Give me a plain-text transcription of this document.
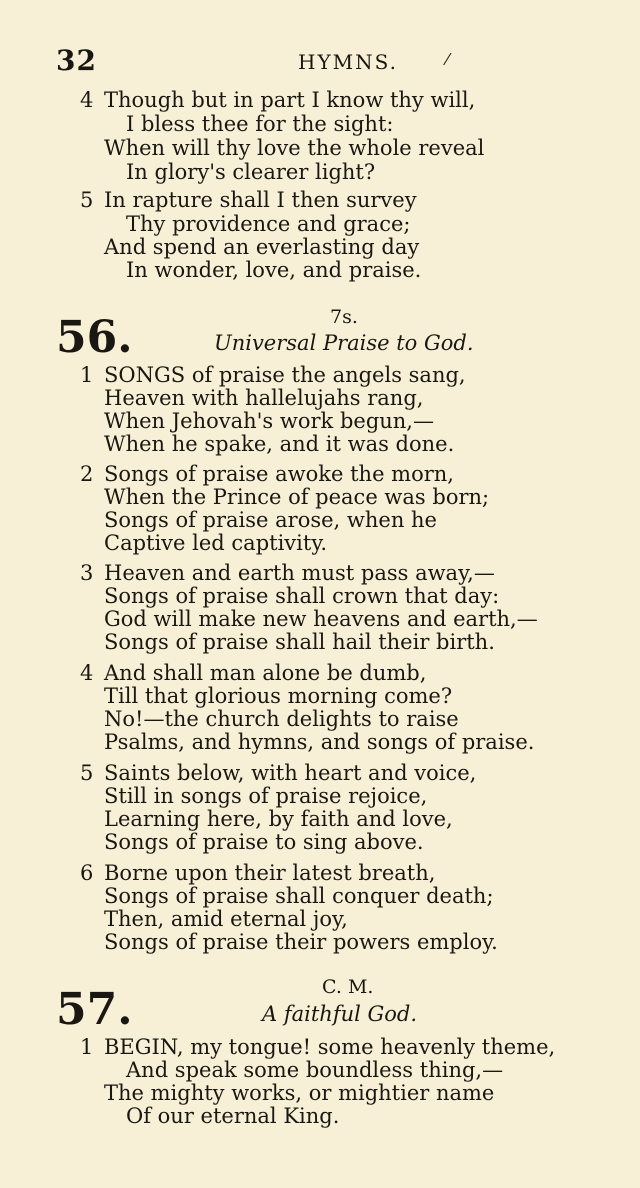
32	HYMNS.	⁄
4 Though but in part I know thy will,
I bless thee for the sight:
When will thy love the whole reveal
In glory's clearer light?
5 In rapture shall I then survey
Thy providence and grace;
And spend an everlasting day
In wonder, love, and praise.
56.	7s.
Universal Praise to God.
1 SONGS of praise the angels sang,
Heaven with hallelujahs rang,
When Jehovah's work begun,—
When he spake, and it was done.
2 Songs of praise awoke the morn,
When the Prince of peace was born;
Songs of praise arose, when he
Captive led captivity.
3 Heaven and earth must pass away,—
Songs of praise shall crown that day:
God will make new heavens and earth,—
Songs of praise shall hail their birth.
4 And shall man alone be dumb,
Till that glorious morning come?
No!—the church delights to raise
Psalms, and hymns, and songs of praise.
5 Saints below, with heart and voice,
Still in songs of praise rejoice,
Learning here, by faith and love,
Songs of praise to sing above.
6 Borne upon their latest breath,
Songs of praise shall conquer death;
Then, amid eternal joy,
Songs of praise their powers employ.
57.	C. M.
A faithful God.
1 BEGIN, my tongue! some heavenly theme,
And speak some boundless thing,—
The mighty works, or mightier name
Of our eternal King.
